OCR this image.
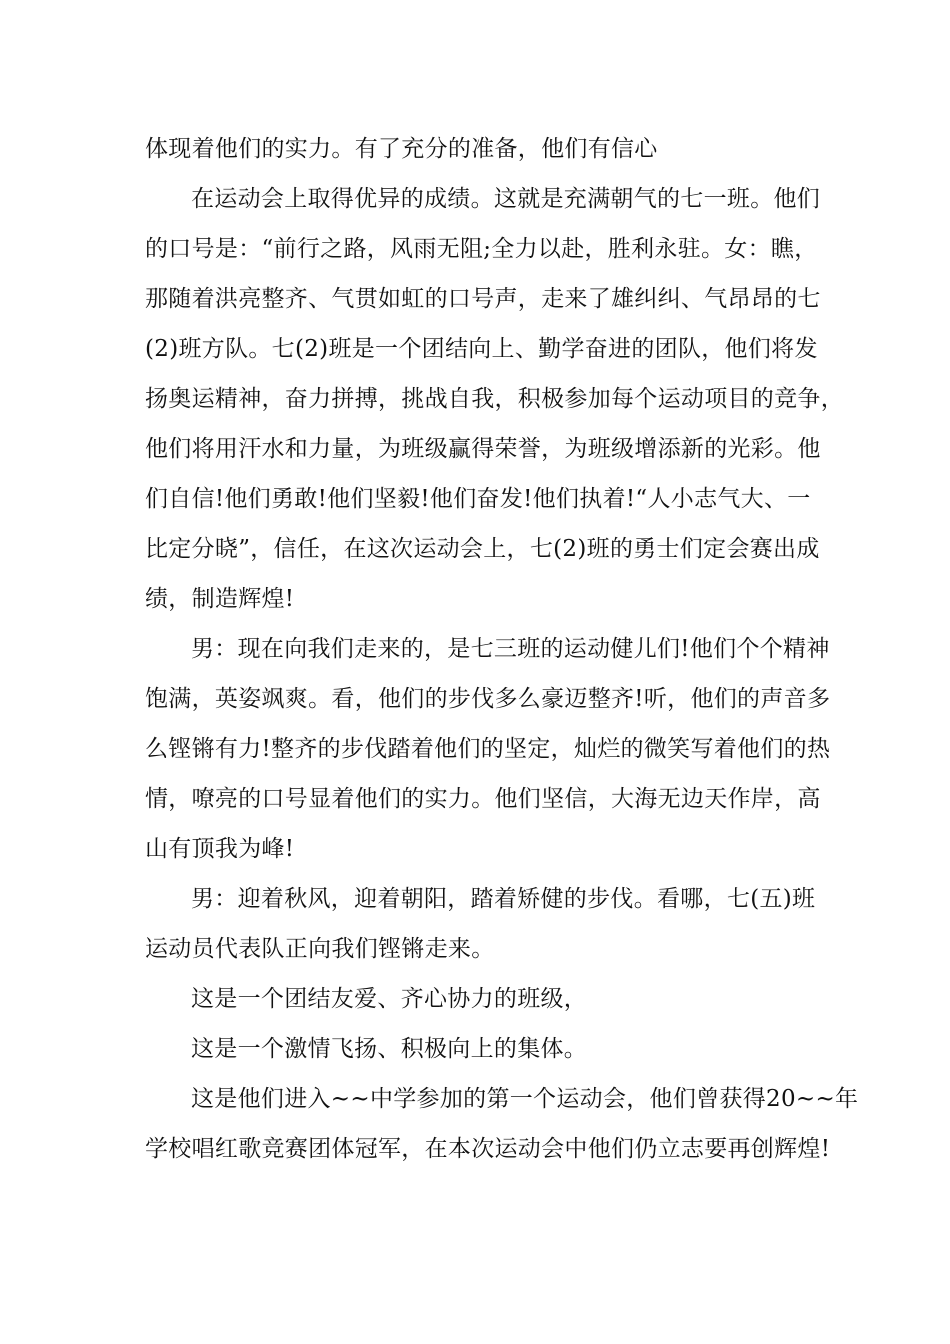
体现着他们的实力。有了充分的准备，他们有信心
在运动会上取得优异的成绩。这就是充满朝气的七一班。他们
的口号是：“前行之路，风雨无阻;全力以赴，胜利永驻。女：瞧，
那随着洪亮整齐、气贯如虹的口号声，走来了雄纠纠、气昂昂的七
(2)班方队。七(2)班是一个团结向上、勤学奋进的团队，他们将发
扬奥运精神，奋力拼搏，挑战自我，积极参加每个运动项目的竞争，
他们将用汗水和力量，为班级赢得荣誉，为班级增添新的光彩。他
们自信!他们勇敢!他们坚毅!他们奋发!他们执着!“人小志气大、一
比定分晓”，信任，在这次运动会上，七(2)班的勇士们定会赛出成
绩，制造辉煌!
男：现在向我们走来的，是七三班的运动健儿们!他们个个精神
饱满，英姿飒爽。看，他们的步伐多么豪迈整齐!听，他们的声音多
么铿锵有力!整齐的步伐踏着他们的坚定，灿烂的微笑写着他们的热
情，嘹亮的口号显着他们的实力。他们坚信，大海无边天作岸，高
山有顶我为峰!
男：迎着秋风，迎着朝阳，踏着矫健的步伐。看哪，七(五)班
运动员代表队正向我们铿锵走来。
这是一个团结友爱、齐心协力的班级，
这是一个激情飞扬、积极向上的集体。
这是他们进入~~中学参加的第一个运动会，他们曾获得20~~年
学校唱红歌竞赛团体冠军，在本次运动会中他们仍立志要再创辉煌!
